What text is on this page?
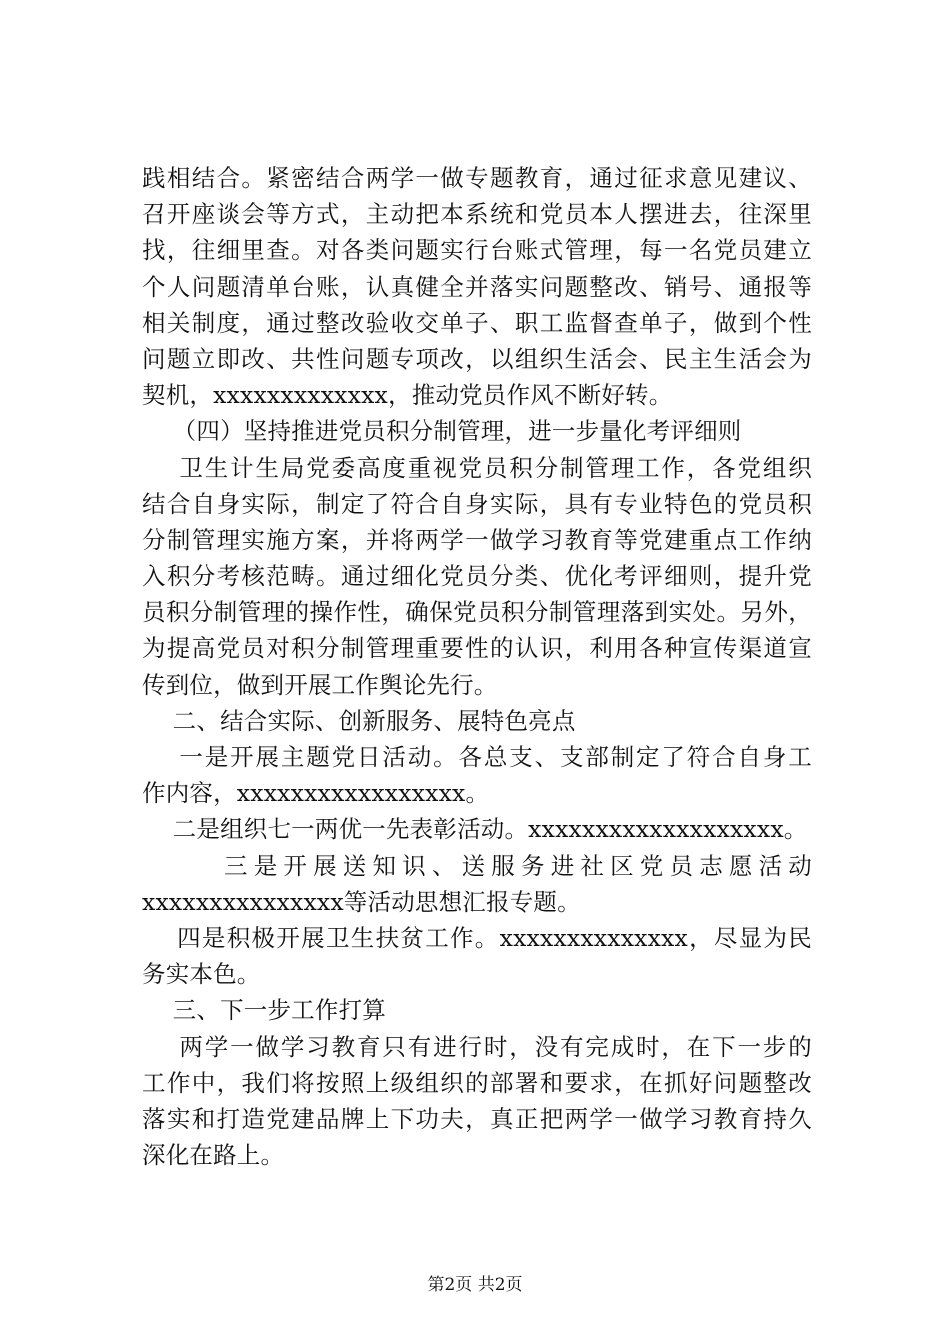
践相结合。紧密结合两学一做专题教育，通过征求意见建议、
召开座谈会等方式，主动把本系统和党员本人摆进去，往深里
找，往细里查。对各类问题实行台账式管理，每一名党员建立
个人问题清单台账，认真健全并落实问题整改、销号、通报等
相关制度，通过整改验收交单子、职工监督查单子，做到个性
问题立即改、共性问题专项改，以组织生活会、民主生活会为
契机，xxxxxxxxxxxxx，推动党员作风不断好转。
（四）坚持推进党员积分制管理，进一步量化考评细则
卫生计生局党委高度重视党员积分制管理工作，各党组织
结合自身实际，制定了符合自身实际，具有专业特色的党员积
分制管理实施方案，并将两学一做学习教育等党建重点工作纳
入积分考核范畴。通过细化党员分类、优化考评细则，提升党
员积分制管理的操作性，确保党员积分制管理落到实处。另外，
为提高党员对积分制管理重要性的认识，利用各种宣传渠道宣
传到位，做到开展工作舆论先行。
二、结合实际、创新服务、展特色亮点
一是开展主题党日活动。各总支、支部制定了符合自身工
作内容，xxxxxxxxxxxxxxxxx。
二是组织七一两优一先表彰活动。xxxxxxxxxxxxxxxxxxx。
三是开展送知识、送服务进社区党员志愿活动
xxxxxxxxxxxxxxx等活动思想汇报专题。
四是积极开展卫生扶贫工作。xxxxxxxxxxxxxx，尽显为民
务实本色。
三、下一步工作打算
两学一做学习教育只有进行时，没有完成时，在下一步的
工作中，我们将按照上级组织的部署和要求，在抓好问题整改
落实和打造党建品牌上下功夫，真正把两学一做学习教育持久
深化在路上。
第2页 共2页
